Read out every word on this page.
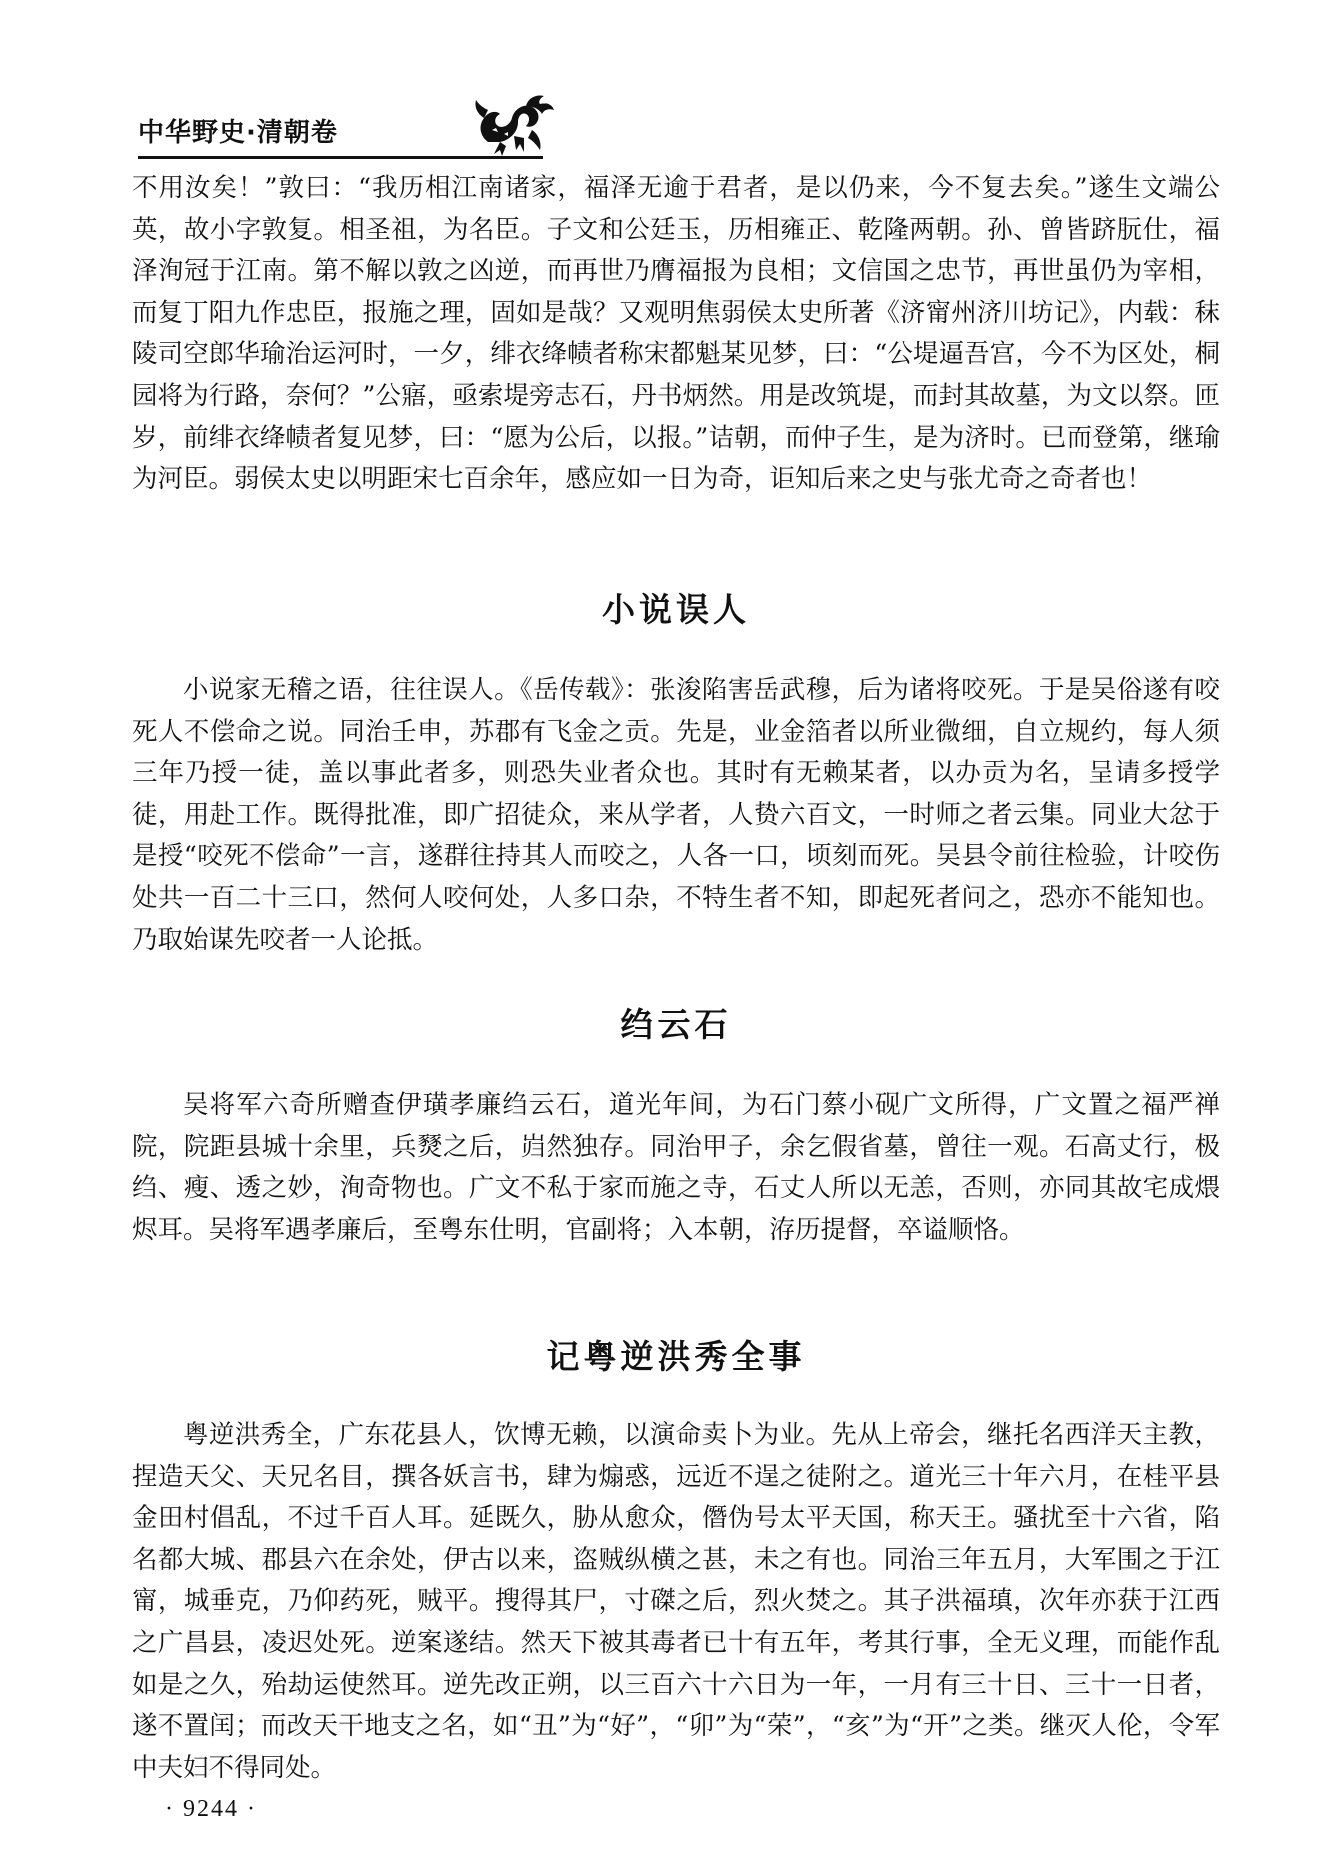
中华野史·清朝卷

不用汝矣！”敦曰：“我历相江南诸家，福泽无逾于君者，是以仍来，今不复去矣。”遂生文端公英，故小字敦复。相圣祖，为名臣。子文和公廷玉，历相雍正、乾隆两朝。孙、曾皆跻朊仕，福泽洵冠于江南。第不解以敦之凶逆，而再世乃膺福报为良相；文信国之忠节，再世虽仍为宰相，而复丁阳九作忠臣，报施之理，固如是哉？又观明焦弱侯太史所著《济甯州济川坊记》，内载：秣陵司空郎华瑜治运河时，一夕，绯衣绛帻者称宋都魁某见梦，曰：“公堤逼吾宫，今不为区处，桐园将为行路，奈何？”公寤，亟索堤旁志石，丹书炳然。用是改筑堤，而封其故墓，为文以祭。匝岁，前绯衣绛帻者复见梦，曰：“愿为公后，以报。”诘朝，而仲子生，是为济时。已而登第，继瑜为河臣。弱侯太史以明距宋七百余年，感应如一日为奇，讵知后来之史与张尤奇之奇者也！

小说误人

小说家无稽之语，往往误人。《岳传载》：张浚陷害岳武穆，后为诸将咬死。于是吴俗遂有咬死人不偿命之说。同治壬申，苏郡有飞金之贡。先是，业金箔者以所业微细，自立规约，每人须三年乃授一徒，盖以事此者多，则恐失业者众也。其时有无赖某者，以办贡为名，呈请多授学徒，用赴工作。既得批准，即广招徒众，来从学者，人贽六百文，一时师之者云集。同业大忿于是授“咬死不偿命”一言，遂群往持其人而咬之，人各一口，顷刻而死。吴县令前往检验，计咬伤处共一百二十三口，然何人咬何处，人多口杂，不特生者不知，即起死者问之，恐亦不能知也。乃取始谋先咬者一人论抵。

绉云石

吴将军六奇所赠查伊璜孝廉绉云石，道光年间，为石门蔡小砚广文所得，广文置之福严禅院，院距县城十余里，兵燹之后，岿然独存。同治甲子，余乞假省墓，曾往一观。石高丈行，极绉、瘦、透之妙，洵奇物也。广文不私于家而施之寺，石丈人所以无恙，否则，亦同其故宅成煨烬耳。吴将军遇孝廉后，至粤东仕明，官副将；入本朝，洊历提督，卒谥顺恪。

记粤逆洪秀全事

粤逆洪秀全，广东花县人，饮博无赖，以演命卖卜为业。先从上帝会，继托名西洋天主教，捏造天父、天兄名目，撰各妖言书，肆为煽惑，远近不逞之徒附之。道光三十年六月，在桂平县金田村倡乱，不过千百人耳。延既久，胁从愈众，僭伪号太平天国，称天王。骚扰至十六省，陷名都大城、郡县六在余处，伊古以来，盗贼纵横之甚，未之有也。同治三年五月，大军围之于江甯，城垂克，乃仰药死，贼平。搜得其尸，寸磔之后，烈火焚之。其子洪福瑱，次年亦获于江西之广昌县，凌迟处死。逆案遂结。然天下被其毒者已十有五年，考其行事，全无义理，而能作乱如是之久，殆劫运使然耳。逆先改正朔，以三百六十六日为一年，一月有三十日、三十一日者，遂不置闰；而改天干地支之名，如“丑”为“好”，“卯”为“荣”，“亥”为“开”之类。继灭人伦，令军中夫妇不得同处。

· 9244 ·
